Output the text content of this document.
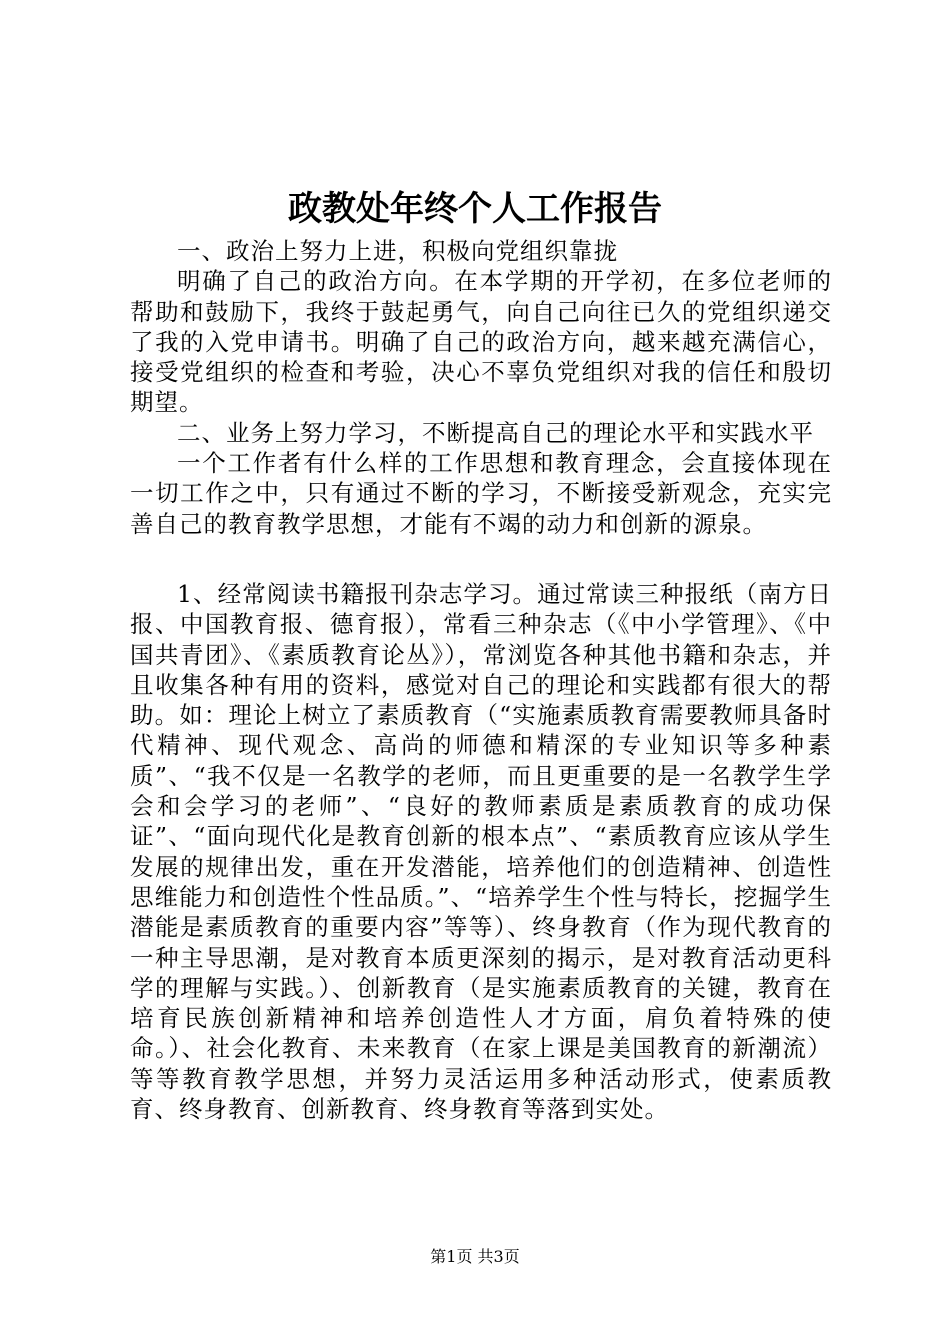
政教处年终个人工作报告

一、政治上努力上进，积极向党组织靠拢

明确了自己的政治方向。在本学期的开学初，在多位老师的帮助和鼓励下，我终于鼓起勇气，向自己向往已久的党组织递交了我的入党申请书。明确了自己的政治方向，越来越充满信心，接受党组织的检查和考验，决心不辜负党组织对我的信任和殷切期望。

二、业务上努力学习，不断提高自己的理论水平和实践水平

一个工作者有什么样的工作思想和教育理念，会直接体现在一切工作之中，只有通过不断的学习，不断接受新观念，充实完善自己的教育教学思想，才能有不竭的动力和创新的源泉。

1、经常阅读书籍报刊杂志学习。通过常读三种报纸（南方日报、中国教育报、德育报），常看三种杂志（《中小学管理》、《中国共青团》、《素质教育论丛》），常浏览各种其他书籍和杂志，并且收集各种有用的资料，感觉对自己的理论和实践都有很大的帮助。如：理论上树立了素质教育（“实施素质教育需要教师具备时代精神、现代观念、高尚的师德和精深的专业知识等多种素质”、“我不仅是一名教学的老师，而且更重要的是一名教学生学会和会学习的老师”、“良好的教师素质是素质教育的成功保证”、“面向现代化是教育创新的根本点”、“素质教育应该从学生发展的规律出发，重在开发潜能，培养他们的创造精神、创造性思维能力和创造性个性品质。”、“培养学生个性与特长，挖掘学生潜能是素质教育的重要内容”等等）、终身教育（作为现代教育的一种主导思潮，是对教育本质更深刻的揭示，是对教育活动更科学的理解与实践。）、创新教育（是实施素质教育的关键，教育在培育民族创新精神和培养创造性人才方面，肩负着特殊的使命。）、社会化教育、未来教育（在家上课是美国教育的新潮流）等等教育教学思想，并努力灵活运用多种活动形式，使素质教育、终身教育、创新教育、终身教育等落到实处。

第1页 共3页
